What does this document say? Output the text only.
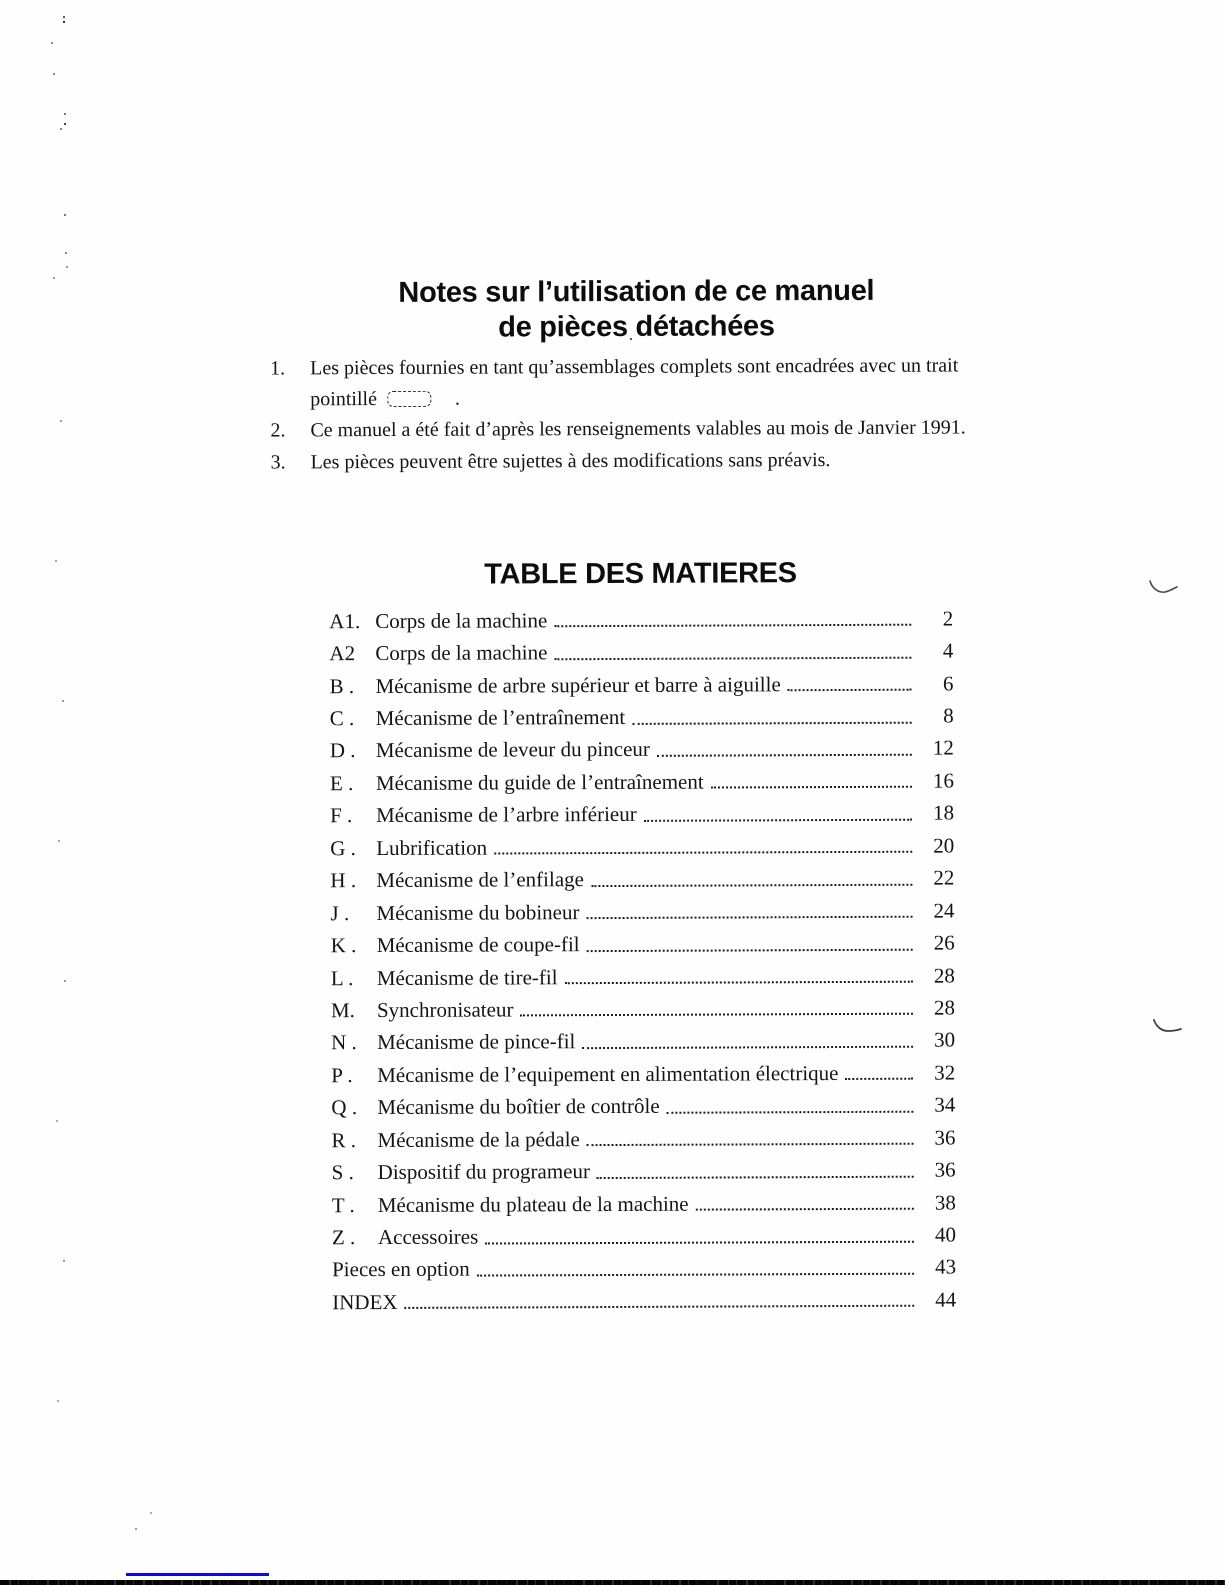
Notes sur l’utilisation de ce manuel
de pièces détachées
1.	Les pièces fournies en tant qu’assemblages complets sont encadrées avec un trait
pointillé	.
2.	Ce manuel a été fait d’après les renseignements valables au mois de Janvier 1991.
3.	Les pièces peuvent être sujettes à des modifications sans préavis.
TABLE DES MATIERES
A1. Corps de la machine	2
A2 Corps de la machine	4
B .	Mécanisme de arbre supérieur et barre à aiguille	6
C .	Mécanisme de l’entraînement	8
D . Mécanisme de leveur du pinceur	12
E .	Mécanisme du guide de l’entraînement	16
F .	Mécanisme de l’arbre inférieur	18
G . Lubrification	20
H . Mécanisme de l’enfilage	22
J .	Mécanisme du bobineur	24
K . Mécanisme de coupe-fil	26
L .	Mécanisme de tire-fil	28
M.	Synchronisateur	28
N . Mécanisme de pince-fil	30
P .	Mécanisme de l’equipement en alimentation électrique	32
Q . Mécanisme du boîtier de contrôle	34
R .	Mécanisme de la pédale	36
S .	Dispositif du programeur	36
T .	Mécanisme du plateau de la machine	38
Z .	Accessoires	40
Pieces en option	43
INDEX	44
